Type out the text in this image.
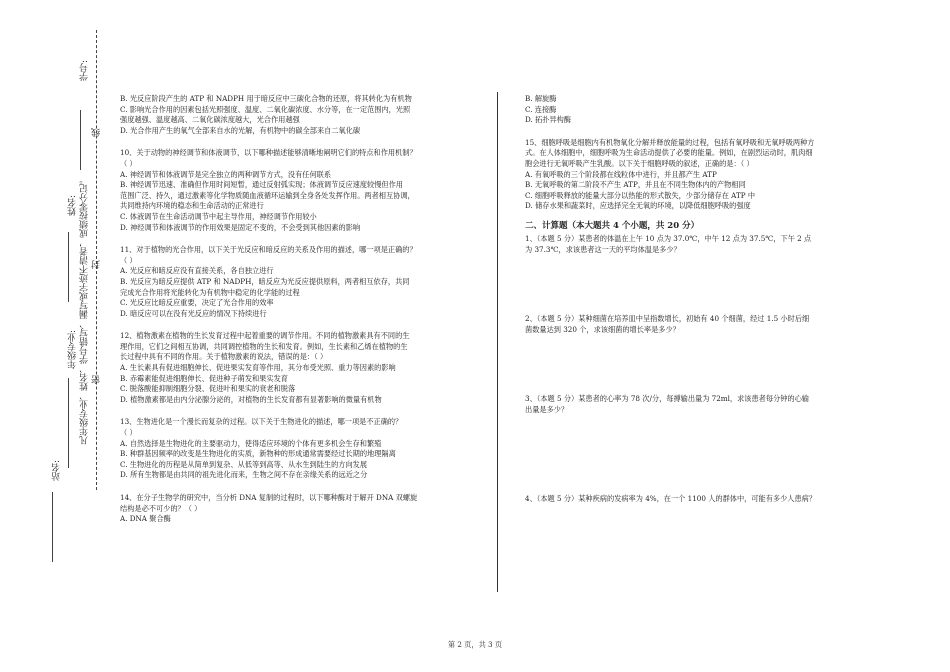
学号:
凡年级专业、姓名、学号错写、漏写或字迹不清者，成绩按零分记。
线
姓名:
封
年级专业:
密
站名:

B. 光反应阶段产生的 ATP 和 NADPH 用于暗反应中三碳化合物的还原，将其转化为有机物

C. 影响光合作用的因素包括光照强度、温度、二氧化碳浓度、水分等，在一定范围内，光照

强度越强、温度越高、二氧化碳浓度越大，光合作用越强

D. 光合作用产生的氧气全部来自水的光解，有机物中的碳全部来自二氧化碳

10、关于动物的神经调节和体液调节，以下哪种描述能够清晰地阐明它们的特点和作用机制？

（ ）

A. 神经调节和体液调节是完全独立的两种调节方式，没有任何联系

B. 神经调节迅速、准确但作用时间短暂，通过反射弧实现；体液调节反应速度较慢但作用

范围广泛、持久，通过激素等化学物质随血液循环运输到全身各处发挥作用。两者相互协调，

共同维持内环境的稳态和生命活动的正常进行

C. 体液调节在生命活动调节中起主导作用，神经调节作用较小

D. 神经调节和体液调节的作用效果是固定不变的，不会受到其他因素的影响

11、对于植物的光合作用，以下关于光反应和暗反应的关系及作用的描述，哪一项是正确的？

（ ）

A. 光反应和暗反应没有直接关系，各自独立进行

B. 光反应为暗反应提供 ATP 和 NADPH，暗反应为光反应提供原料，两者相互依存，共同

完成光合作用将光能转化为有机物中稳定的化学能的过程

C. 光反应比暗反应重要，决定了光合作用的效率

D. 暗反应可以在没有光反应的情况下持续进行

12、植物激素在植物的生长发育过程中起着重要的调节作用。不同的植物激素具有不同的生

理作用，它们之间相互协调，共同调控植物的生长和发育。例如，生长素和乙烯在植物的生

长过程中具有不同的作用。关于植物激素的说法，错误的是：（ ）

A. 生长素具有促进细胞伸长、促进果实发育等作用，其分布受光照、重力等因素的影响

B. 赤霉素能促进细胞伸长、促进种子萌发和果实发育

C. 脱落酸能抑制细胞分裂、促进叶和果实的衰老和脱落

D. 植物激素都是由内分泌腺分泌的，对植物的生长发育都有显著影响的微量有机物

13、生物进化是一个漫长而复杂的过程。以下关于生物进化的描述，哪一项是不正确的？

（ ）

A. 自然选择是生物进化的主要驱动力，使得适应环境的个体有更多机会生存和繁殖

B. 种群基因频率的改变是生物进化的实质，新物种的形成通常需要经过长期的地理隔离

C. 生物进化的历程是从简单到复杂、从低等到高等、从水生到陆生的方向发展

D. 所有生物都是由共同的祖先进化而来，生物之间不存在亲缘关系的远近之分

14、在分子生物学的研究中，当分析 DNA 复制的过程时，以下哪种酶对于解开 DNA 双螺旋

结构是必不可少的？（ ）

A. DNA 聚合酶

B. 解旋酶

C. 连接酶

D. 拓扑异构酶

15、细胞呼吸是细胞内有机物氧化分解并释放能量的过程，包括有氧呼吸和无氧呼吸两种方

式。在人体细胞中，细胞呼吸为生命活动提供了必要的能量。例如，在剧烈运动时，肌肉细

胞会进行无氧呼吸产生乳酸。以下关于细胞呼吸的叙述，正确的是：（ ）

A. 有氧呼吸的三个阶段都在线粒体中进行，并且都产生 ATP

B. 无氧呼吸的第二阶段不产生 ATP，并且在不同生物体内的产物相同

C. 细胞呼吸释放的能量大部分以热能的形式散失，少部分储存在 ATP 中

D. 储存水果和蔬菜时，应选择完全无氧的环境，以降低细胞呼吸的强度

二、计算题（本大题共 4 个小题，共 20 分）

1、（本题 5 分）某患者的体温在上午 10 点为 37.0℃，中午 12 点为 37.5℃，下午 2 点

为 37.3℃，求该患者这一天的平均体温是多少？

2、（本题 5 分）某种细菌在培养皿中呈指数增长，初始有 40 个细菌，经过 1.5 小时后细

菌数量达到 320 个，求该细菌的增长率是多少？

3、（本题 5 分）某患者的心率为 78 次/分，每搏输出量为 72ml，求该患者每分钟的心输

出量是多少？

4、（本题 5 分）某种疾病的发病率为 4%，在一个 1100 人的群体中，可能有多少人患病？

第 2 页，共 3 页
